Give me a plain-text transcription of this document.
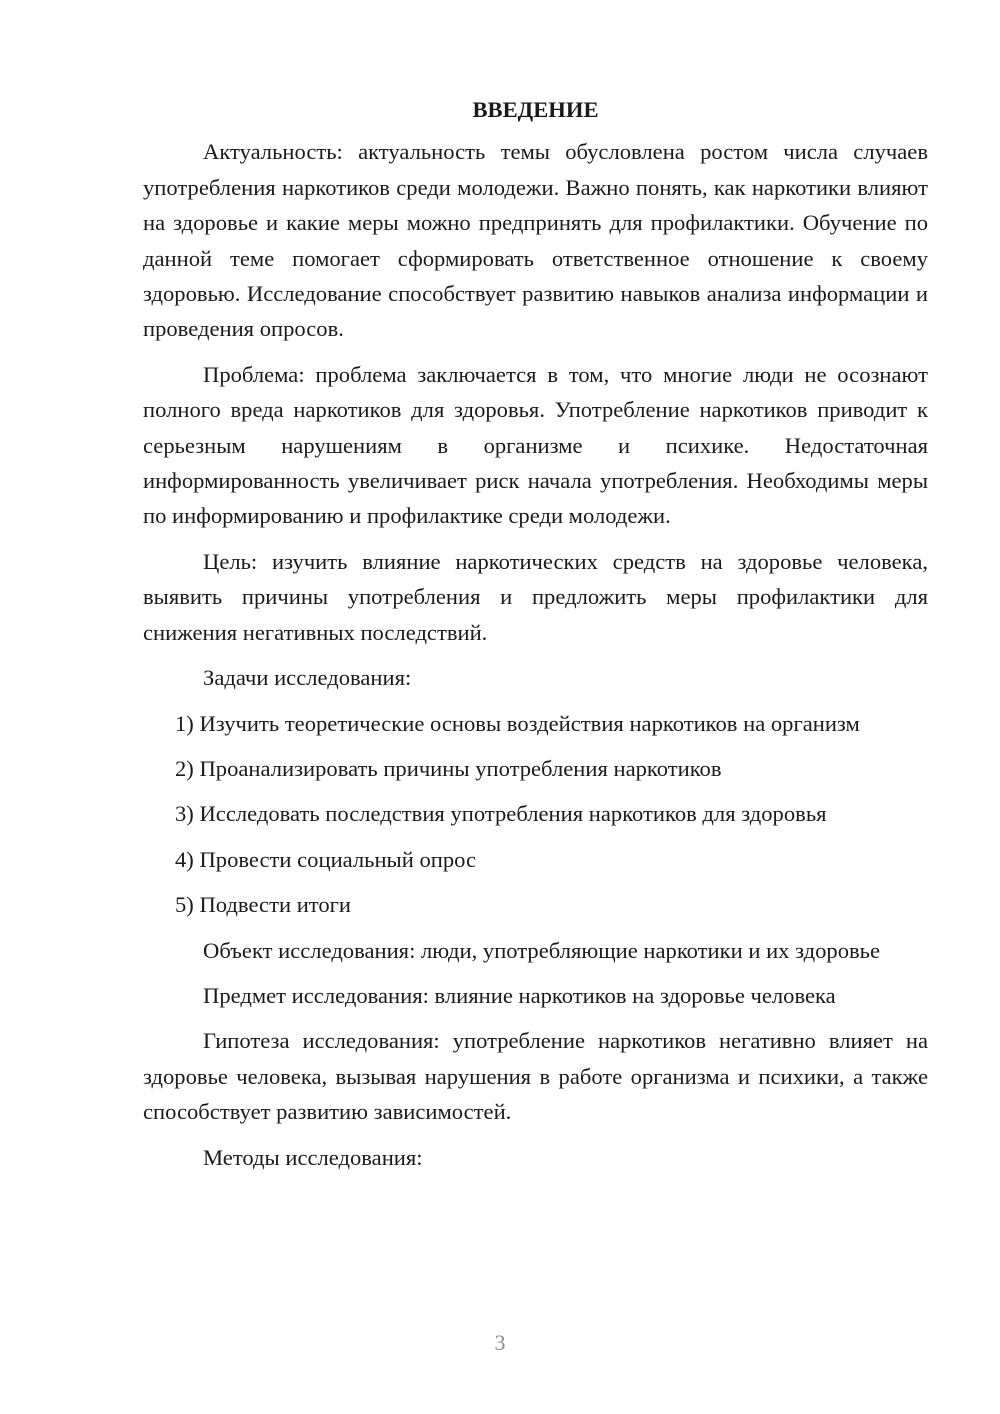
ВВЕДЕНИЕ

Актуальность: актуальность темы обусловлена ростом числа случаев употребления наркотиков среди молодежи. Важно понять, как наркотики влияют на здоровье и какие меры можно предпринять для профилактики. Обучение по данной теме помогает сформировать ответственное отношение к своему здоровью. Исследование способствует развитию навыков анализа информации и проведения опросов.

Проблема: проблема заключается в том, что многие люди не осознают полного вреда наркотиков для здоровья. Употребление наркотиков приводит к серьезным нарушениям в организме и психике. Недостаточная информированность увеличивает риск начала употребления. Необходимы меры по информированию и профилактике среди молодежи.

Цель: изучить влияние наркотических средств на здоровье человека, выявить причины употребления и предложить меры профилактики для снижения негативных последствий.

Задачи исследования:

1) Изучить теоретические основы воздействия наркотиков на организм

2) Проанализировать причины употребления наркотиков

3) Исследовать последствия употребления наркотиков для здоровья

4) Провести социальный опрос

5) Подвести итоги

Объект исследования: люди, употребляющие наркотики и их здоровье

Предмет исследования: влияние наркотиков на здоровье человека

Гипотеза исследования: употребление наркотиков негативно влияет на здоровье человека, вызывая нарушения в работе организма и психики, а также способствует развитию зависимостей.

Методы исследования:

3
